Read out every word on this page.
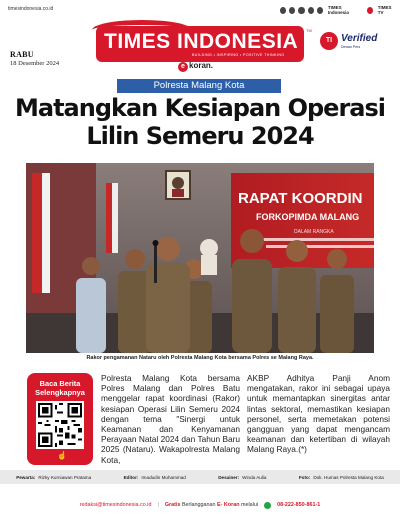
timesindonesia.co.id	TIMES Indonesia
TIMES TV
RABU
18 Desember 2024
TIMES INDONESIA
BUILDING • INSPIRING • POSITIVE THINKING
TM
e koran.
TI Verified
Dewan Pers
Polresta Malang Kota
Matangkan Kesiapan Operasi
Lilin Semeru 2024
RAPAT KOORDIN
FORKOPIMDA MALANG
DALAM RANGKA
Rakor pengamanan Nataru oleh Polresta Malang Kota bersama Polres se Malang Raya.
Baca Berita
Selengkapnya
☝
Polresta Malang Kota bersama Polres Malang dan Polres Batu menggelar rapat koordinasi (Rakor) kesiapan Operasi Lilin Semeru 2024 dengan tema "Sinergi untuk Keamanan dan Kenyamanan Perayaan Natal 2024 dan Tahun Baru 2025 (Nataru). Wakapolresta Malang Kota,
AKBP Adhitya Panji Anom mengatakan, rakor ini sebagai upaya untuk memantapkan sinergitas antar lintas sektoral, memastikan kesiapan personel, serta memetakan potensi gangguan yang dapat mengancam keamanan dan ketertiban di wilayah Malang Raya.(*)
Pewarta: Rizky Kurniawan Pratama	Editor: Imadudin Muhammad	Desainer: Winda Aulia	Foto: Dok. Humas Polresta Malang Kota
redaksi@timesindonesia.co.id | Gratis Berlangganan E- Koran melalui	08-222-850-861-1
